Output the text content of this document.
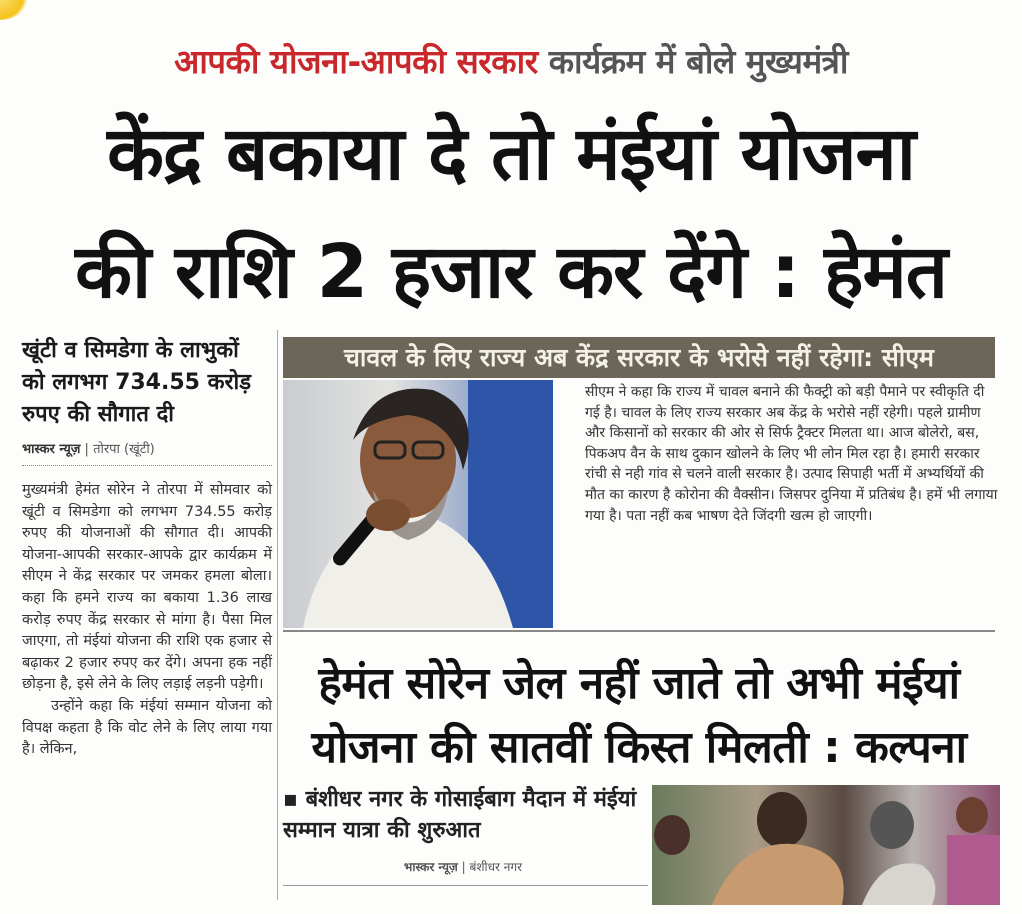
आपकी योजना-आपकी सरकार कार्यक्रम में बोले मुख्यमंत्री
केंद्र बकाया दे तो मंईयां योजना
की राशि 2 हजार कर देंगे : हेमंत
खूंटी व सिमडेगा के लाभुकों
को लगभग 734.55 करोड़
रुपए की सौगात दी
भास्कर न्यूज़ | तोरपा (खूंटी)

मुख्यमंत्री हेमंत सोरेन ने तोरपा में सोमवार को खूंटी व सिमडेगा को लगभग 734.55 करोड़ रुपए की योजनाओं की सौगात दी। आपकी योजना-आपकी सरकार-आपके द्वार कार्यक्रम में सीएम ने केंद्र सरकार पर जमकर हमला बोला। कहा कि हमने राज्य का बकाया 1.36 लाख करोड़ रुपए केंद्र सरकार से मांगा है। पैसा मिल जाएगा, तो मंईयां योजना की राशि एक हजार से बढ़ाकर 2 हजार रुपए कर देंगे। अपना हक नहीं छोड़ना है, इसे लेने के लिए लड़ाई लड़नी पड़ेगी।

उन्होंने कहा कि मंईयां सम्मान योजना को विपक्ष कहता है कि वोट लेने के लिए लाया गया है। लेकिन,

चावल के लिए राज्य अब केंद्र सरकार के भरोसे नहीं रहेगा: सीएम
सीएम ने कहा कि राज्य में चावल बनाने की फैक्ट्री को बड़ी पैमाने पर स्वीकृति दी गई है। चावल के लिए राज्य सरकार अब केंद्र के भरोसे नहीं रहेगी। पहले ग्रामीण और किसानों को सरकार की ओर से सिर्फ ट्रैक्टर मिलता था। आज बोलेरो, बस, पिकअप वैन के साथ दुकान खोलने के लिए भी लोन मिल रहा है। हमारी सरकार रांची से नही गांव से चलने वाली सरकार है। उत्पाद सिपाही भर्ती में अभ्यर्थियों की मौत का कारण है कोरोना की वैक्सीन। जिसपर दुनिया में प्रतिबंध है। हमें भी लगाया गया है। पता नहीं कब भाषण देते जिंदगी खत्म हो जाएगी।
हेमंत सोरेन जेल नहीं जाते तो अभी मंईयां
योजना की सातवीं किस्त मिलती : कल्पना
▪ बंशीधर नगर के गोसाईबाग मैदान में मंईयां सम्मान यात्रा की शुरुआत
भास्कर न्यूज़ | बंशीधर नगर
